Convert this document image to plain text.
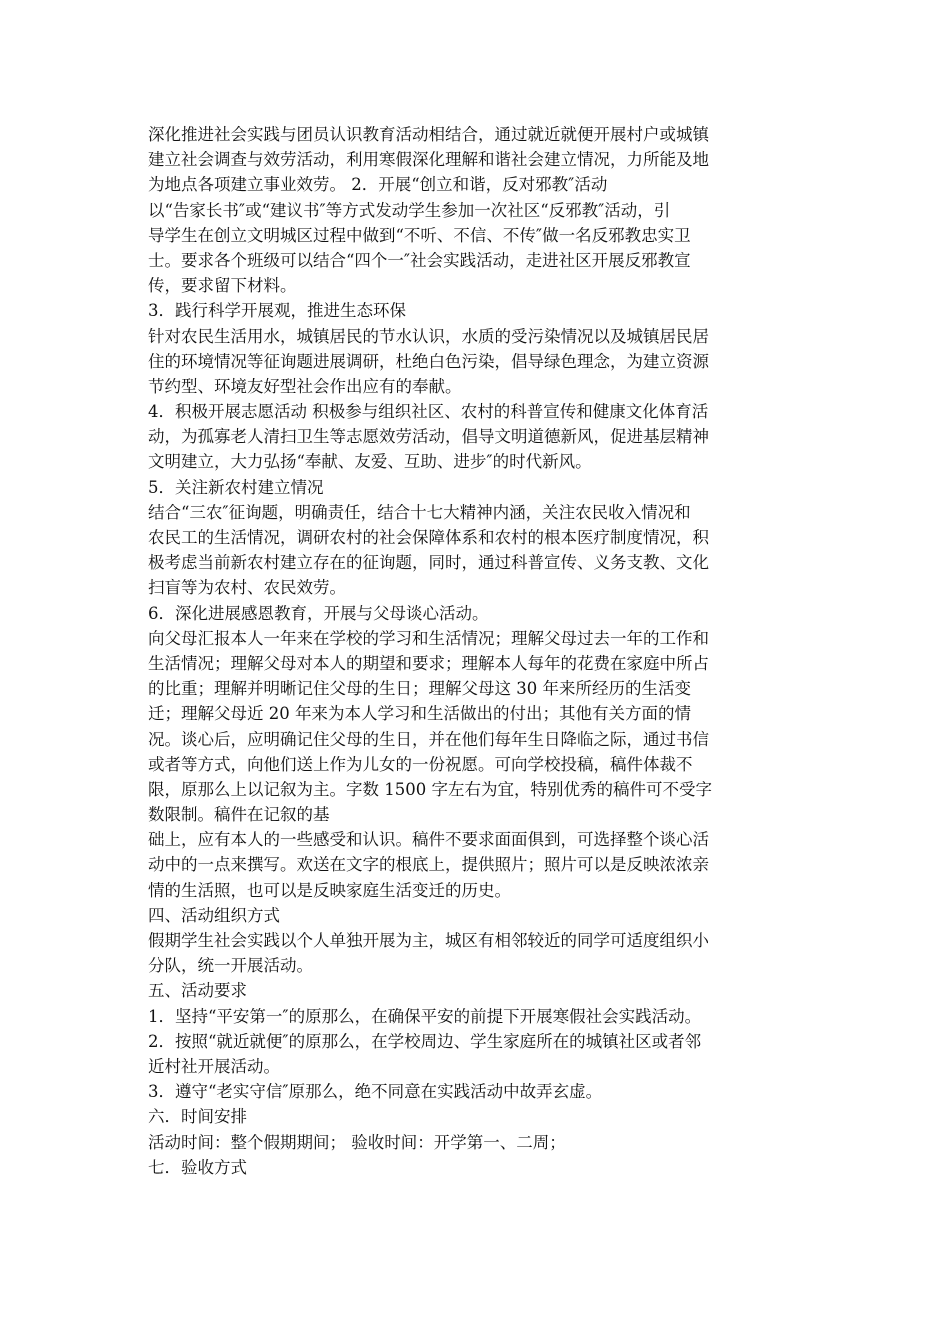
深化推进社会实践与团员认识教育活动相结合，通过就近就便开展村户或城镇
建立社会调查与效劳活动，利用寒假深化理解和谐社会建立情况，力所能及地
为地点各项建立事业效劳。 2．开展“创立和谐，反对邪教″活动
以“告家长书″或“建议书″等方式发动学生参加一次社区“反邪教″活动，引
导学生在创立文明城区过程中做到“不听、不信、不传″做一名反邪教忠实卫
士。要求各个班级可以结合“四个一″社会实践活动，走进社区开展反邪教宣
传，要求留下材料。
3．践行科学开展观，推进生态环保
针对农民生活用水，城镇居民的节水认识，水质的受污染情况以及城镇居民居
住的环境情况等征询题进展调研，杜绝白色污染，倡导绿色理念，为建立资源
节约型、环境友好型社会作出应有的奉献。
4．积极开展志愿活动 积极参与组织社区、农村的科普宣传和健康文化体育活
动，为孤寡老人清扫卫生等志愿效劳活动，倡导文明道德新风，促进基层精神
文明建立，大力弘扬“奉献、友爱、互助、进步″的时代新风。
5．关注新农村建立情况
结合“三农″征询题，明确责任，结合十七大精神内涵，关注农民收入情况和
农民工的生活情况，调研农村的社会保障体系和农村的根本医疗制度情况，积
极考虑当前新农村建立存在的征询题，同时，通过科普宣传、义务支教、文化
扫盲等为农村、农民效劳。
6．深化进展感恩教育，开展与父母谈心活动。
向父母汇报本人一年来在学校的学习和生活情况；理解父母过去一年的工作和
生活情况；理解父母对本人的期望和要求；理解本人每年的花费在家庭中所占
的比重；理解并明晰记住父母的生日；理解父母这 30 年来所经历的生活变
迁；理解父母近 20 年来为本人学习和生活做出的付出；其他有关方面的情
况。谈心后，应明确记住父母的生日，并在他们每年生日降临之际，通过书信
或者等方式，向他们送上作为儿女的一份祝愿。可向学校投稿，稿件体裁不
限，原那么上以记叙为主。字数 1500 字左右为宜，特别优秀的稿件可不受字
数限制。稿件在记叙的基
础上，应有本人的一些感受和认识。稿件不要求面面俱到，可选择整个谈心活
动中的一点来撰写。欢送在文字的根底上，提供照片；照片可以是反映浓浓亲
情的生活照，也可以是反映家庭生活变迁的历史。
四、活动组织方式
假期学生社会实践以个人单独开展为主，城区有相邻较近的同学可适度组织小
分队，统一开展活动。
五、活动要求
1．坚持“平安第一″的原那么，在确保平安的前提下开展寒假社会实践活动。
2．按照“就近就便″的原那么，在学校周边、学生家庭所在的城镇社区或者邻
近村社开展活动。
3．遵守“老实守信″原那么，绝不同意在实践活动中故弄玄虚。
六．时间安排
活动时间：整个假期期间； 验收时间：开学第一、二周；
七．验收方式
